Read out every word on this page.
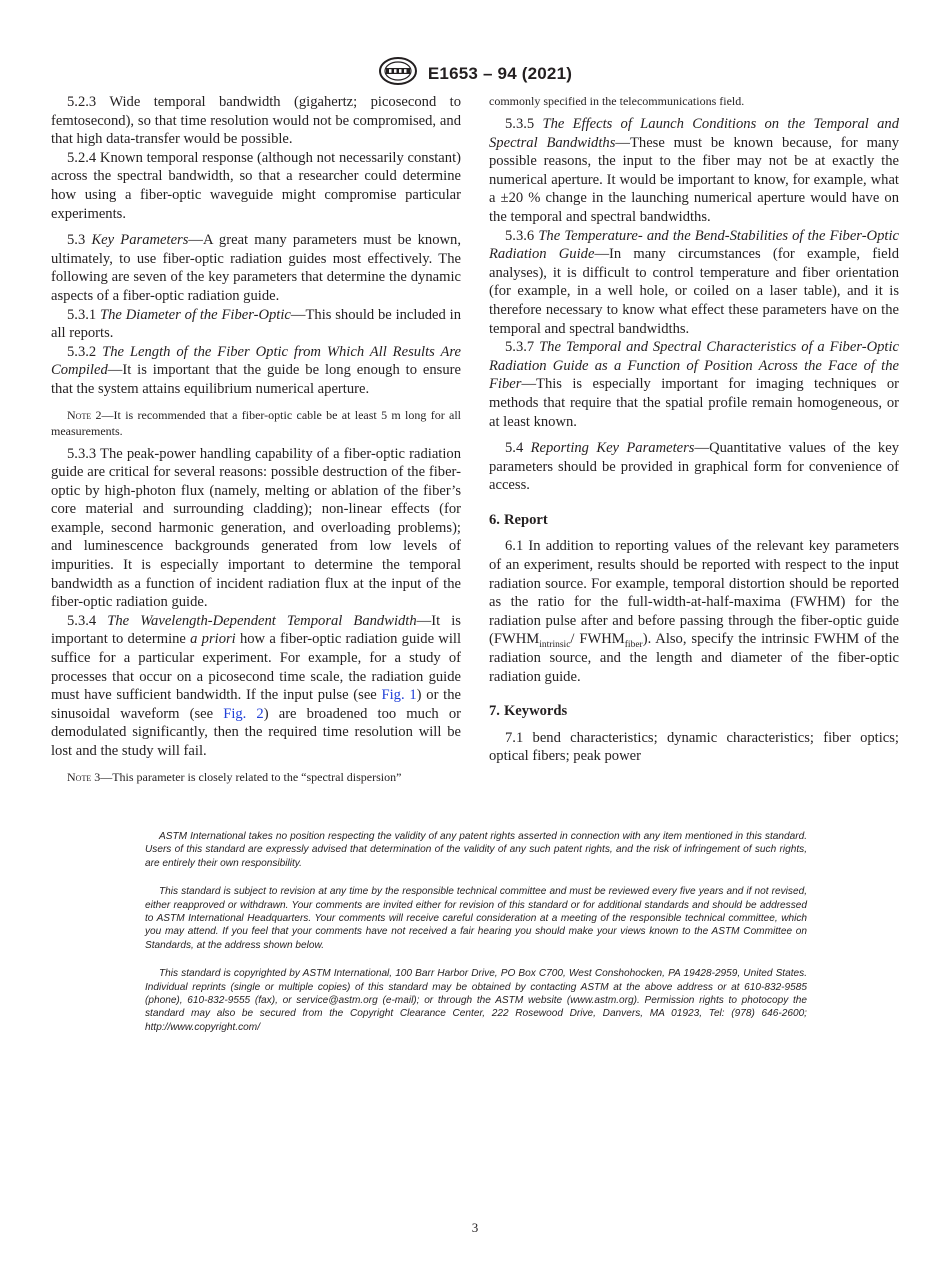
E1653 – 94 (2021)

5.2.3 Wide temporal bandwidth (gigahertz; picosecond to femtosecond), so that time resolution would not be compromised, and that high data-transfer would be possible.

5.2.4 Known temporal response (although not necessarily constant) across the spectral bandwidth, so that a researcher could determine how using a fiber-optic waveguide might compromise particular experiments.

5.3 Key Parameters—A great many parameters must be known, ultimately, to use fiber-optic radiation guides most effectively. The following are seven of the key parameters that determine the dynamic aspects of a fiber-optic radiation guide.

5.3.1 The Diameter of the Fiber-Optic—This should be included in all reports.

5.3.2 The Length of the Fiber Optic from Which All Results Are Compiled—It is important that the guide be long enough to ensure that the system attains equilibrium numerical aperture.

Note 2—It is recommended that a fiber-optic cable be at least 5 m long for all measurements.

5.3.3 The peak-power handling capability of a fiber-optic radiation guide are critical for several reasons: possible destruction of the fiber-optic by high-photon flux (namely, melting or ablation of the fiber’s core material and surrounding cladding); non-linear effects (for example, second harmonic generation, and overloading problems); and luminescence backgrounds generated from low levels of impurities. It is especially important to determine the temporal bandwidth as a function of incident radiation flux at the input of the fiber-optic radiation guide.

5.3.4 The Wavelength-Dependent Temporal Bandwidth—It is important to determine a priori how a fiber-optic radiation guide will suffice for a particular experiment. For example, for a study of processes that occur on a picosecond time scale, the radiation guide must have sufficient bandwidth. If the input pulse (see Fig. 1) or the sinusoidal waveform (see Fig. 2) are broadened too much or demodulated significantly, then the required time resolution will be lost and the study will fail.

Note 3—This parameter is closely related to the “spectral dispersion”

commonly specified in the telecommunications field.

5.3.5 The Effects of Launch Conditions on the Temporal and Spectral Bandwidths—These must be known because, for many possible reasons, the input to the fiber may not be at exactly the numerical aperture. It would be important to know, for example, what a ±20 % change in the launching numerical aperture would have on the temporal and spectral bandwidths.

5.3.6 The Temperature- and the Bend-Stabilities of the Fiber-Optic Radiation Guide—In many circumstances (for example, field analyses), it is difficult to control temperature and fiber orientation (for example, in a well hole, or coiled on a laser table), and it is therefore necessary to know what effect these parameters have on the temporal and spectral bandwidths.

5.3.7 The Temporal and Spectral Characteristics of a Fiber-Optic Radiation Guide as a Function of Position Across the Face of the Fiber—This is especially important for imaging techniques or methods that require that the spatial profile remain homogeneous, or at least known.

5.4 Reporting Key Parameters—Quantitative values of the key parameters should be provided in graphical form for convenience of access.

6. Report

6.1 In addition to reporting values of the relevant key parameters of an experiment, results should be reported with respect to the input radiation source. For example, temporal distortion should be reported as the ratio for the full-width-at-half-maxima (FWHM) for the radiation pulse after and before passing through the fiber-optic guide ($FWHM_{intrinsic}/$ $FWHM_{fiber}$). Also, specify the intrinsic FWHM of the radiation source, and the length and diameter of the fiber-optic radiation guide.

7. Keywords

7.1 bend characteristics; dynamic characteristics; fiber optics; optical fibers; peak power

ASTM International takes no position respecting the validity of any patent rights asserted in connection with any item mentioned in this standard. Users of this standard are expressly advised that determination of the validity of any such patent rights, and the risk of infringement of such rights, are entirely their own responsibility.

This standard is subject to revision at any time by the responsible technical committee and must be reviewed every five years and if not revised, either reapproved or withdrawn. Your comments are invited either for revision of this standard or for additional standards and should be addressed to ASTM International Headquarters. Your comments will receive careful consideration at a meeting of the responsible technical committee, which you may attend. If you feel that your comments have not received a fair hearing you should make your views known to the ASTM Committee on Standards, at the address shown below.

This standard is copyrighted by ASTM International, 100 Barr Harbor Drive, PO Box C700, West Conshohocken, PA 19428-2959, United States. Individual reprints (single or multiple copies) of this standard may be obtained by contacting ASTM at the above address or at 610-832-9585 (phone), 610-832-9555 (fax), or service@astm.org (e-mail); or through the ASTM website (www.astm.org). Permission rights to photocopy the standard may also be secured from the Copyright Clearance Center, 222 Rosewood Drive, Danvers, MA 01923, Tel: (978) 646-2600; http://www.copyright.com/

3
